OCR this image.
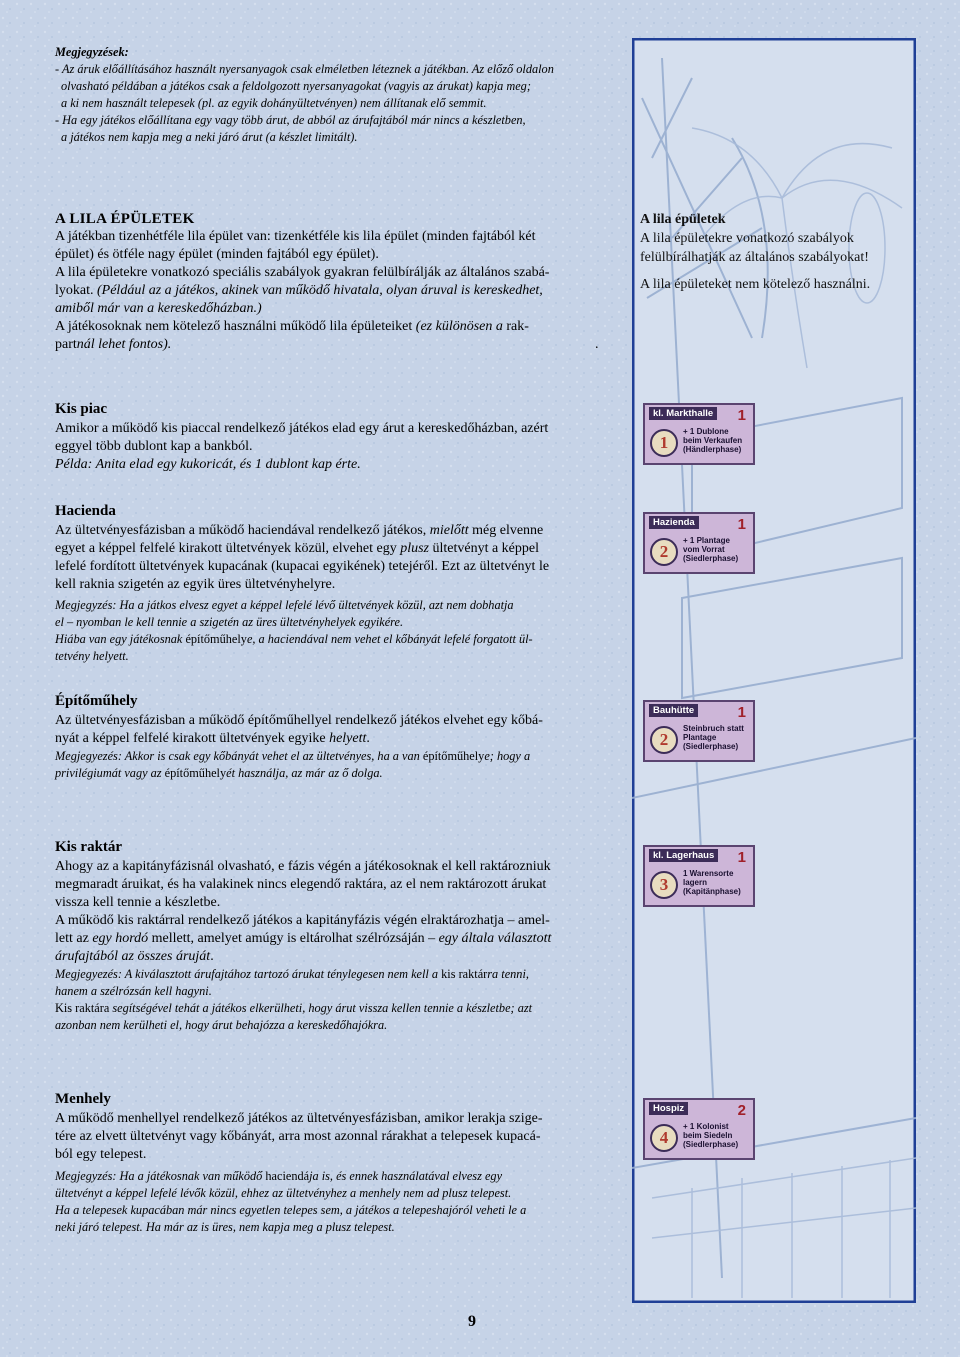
Megjegyzések:
- Az áruk előállításához használt nyersanyagok csak elméletben léteznek a játékban. Az előző oldalon
olvasható példában a játékos csak a feldolgozott nyersanyagokat (vagyis az árukat) kapja meg;
a ki nem használt telepesek (pl. az egyik dohányültetvényen) nem állítanak elő semmit.
- Ha egy játékos előállítana egy vagy több árut, de abból az árufajtából már nincs a készletben,
a játékos nem kapja meg a neki járó árut (a készlet limitált).
A LILA ÉPÜLETEK
A játékban tizenhétféle lila épület van: tizenkétféle kis lila épület (minden fajtából két
épület) és ötféle nagy épület (minden fajtából egy épület).
A lila épületekre vonatkozó speciális szabályok gyakran felülbírálják az általános szabá-
lyokat. (Például az a játékos, akinek van működő hivatala, olyan áruval is kereskedhet,
amiből már van a kereskedőházban.)
A játékosoknak nem kötelező használni működő lila épületeiket (ez különösen a rak-
partnál lehet fontos).	.
A lila épületek
A lila épületekre vonatkozó szabályok
felülbírálhatják az általános szabályokat!
A lila épületeket nem kötelező használni.
Kis piac
Amikor a működő kis piaccal rendelkező játékos elad egy árut a kereskedőházban, azért
eggyel több dublont kap a bankból.
Példa: Anita elad egy kukoricát, és 1 dublont kap érte.
Hacienda
Az ültetvényesfázisban a működő haciendával rendelkező játékos, mielőtt még elvenne
egyet a képpel felfelé kirakott ültetvények közül, elvehet egy plusz ültetvényt a képpel
lefelé fordított ültetvények kupacának (kupacai egyikének) tetejéről. Ezt az ültetvényt le
kell raknia szigetén az egyik üres ültetvényhelyre.
Megjegyzés: Ha a játkos elvesz egyet a képpel lefelé lévő ültetvények közül, azt nem dobhatja
el – nyomban le kell tennie a szigetén az üres ültetvényhelyek egyikére.
Hiába van egy játékosnak építőműhelye, a haciendával nem vehet el kőbányát lefelé forgatott ül-
tetvény helyett.
Építőműhely
Az ültetvényesfázisban a működő építőműhellyel rendelkező játékos elvehet egy kőbá-
nyát a képpel felfelé kirakott ültetvények egyike helyett.
Megjegyezés: Akkor is csak egy kőbányát vehet el az ültetvényes, ha a van építőműhelye; hogy a
privilégiumát vagy az építőműhelyét használja, az már az ő dolga.
Kis raktár
Ahogy az a kapitányfázisnál olvasható, e fázis végén a játékosoknak el kell raktározniuk
megmaradt áruikat, és ha valakinek nincs elegendő raktára, az el nem raktározott árukat
vissza kell tennie a készletbe.
A működő kis raktárral rendelkező játékos a kapitányfázis végén elraktározhatja – amel-
lett az egy hordó mellett, amelyet amúgy is eltárolhat szélrózsáján – egy általa választott
árufajtából az összes áruját.
Megjegyezés: A kiválasztott árufajtához tartozó árukat ténylegesen nem kell a kis raktárra tenni,
hanem a szélrózsán kell hagyni.
Kis raktára segítségével tehát a játékos elkerülheti, hogy árut vissza kellen tennie a készletbe; azt
azonban nem kerülheti el, hogy árut behajózza a kereskedőhajókra.
Menhely
A működő menhellyel rendelkező játékos az ültetvényesfázisban, amikor lerakja szige-
tére az elvett ültetvényt vagy kőbányát, arra most azonnal rárakhat a telepesek kupacá-
ból egy telepest.
Megjegyzés: Ha a játékosnak van működő haciendája is, és ennek használatával elvesz egy
ültetvényt a képpel lefelé lévők közül, ehhez az ültetvényhez a menhely nem ad plusz telepest.
Ha a telepesek kupacában már nincs egyetlen telepes sem, a játékos a telepeshajóról veheti le a
neki járó telepest. Ha már az is üres, nem kapja meg a plusz telepest.
kl. Markthalle 1
1
+ 1 Dublone
beim Verkaufen
(Händlerphase)
Hazienda	1
2
+ 1 Plantage
vom Vorrat
(Siedlerphase)
Bauhütte	1
2
Steinbruch statt
Plantage
(Siedlerphase)
kl. Lagerhaus 1
3
1 Warensorte
lagern
(Kapitänphase)
Hospiz	2
4
+ 1 Kolonist
beim Siedeln
(Siedlerphase)
9
